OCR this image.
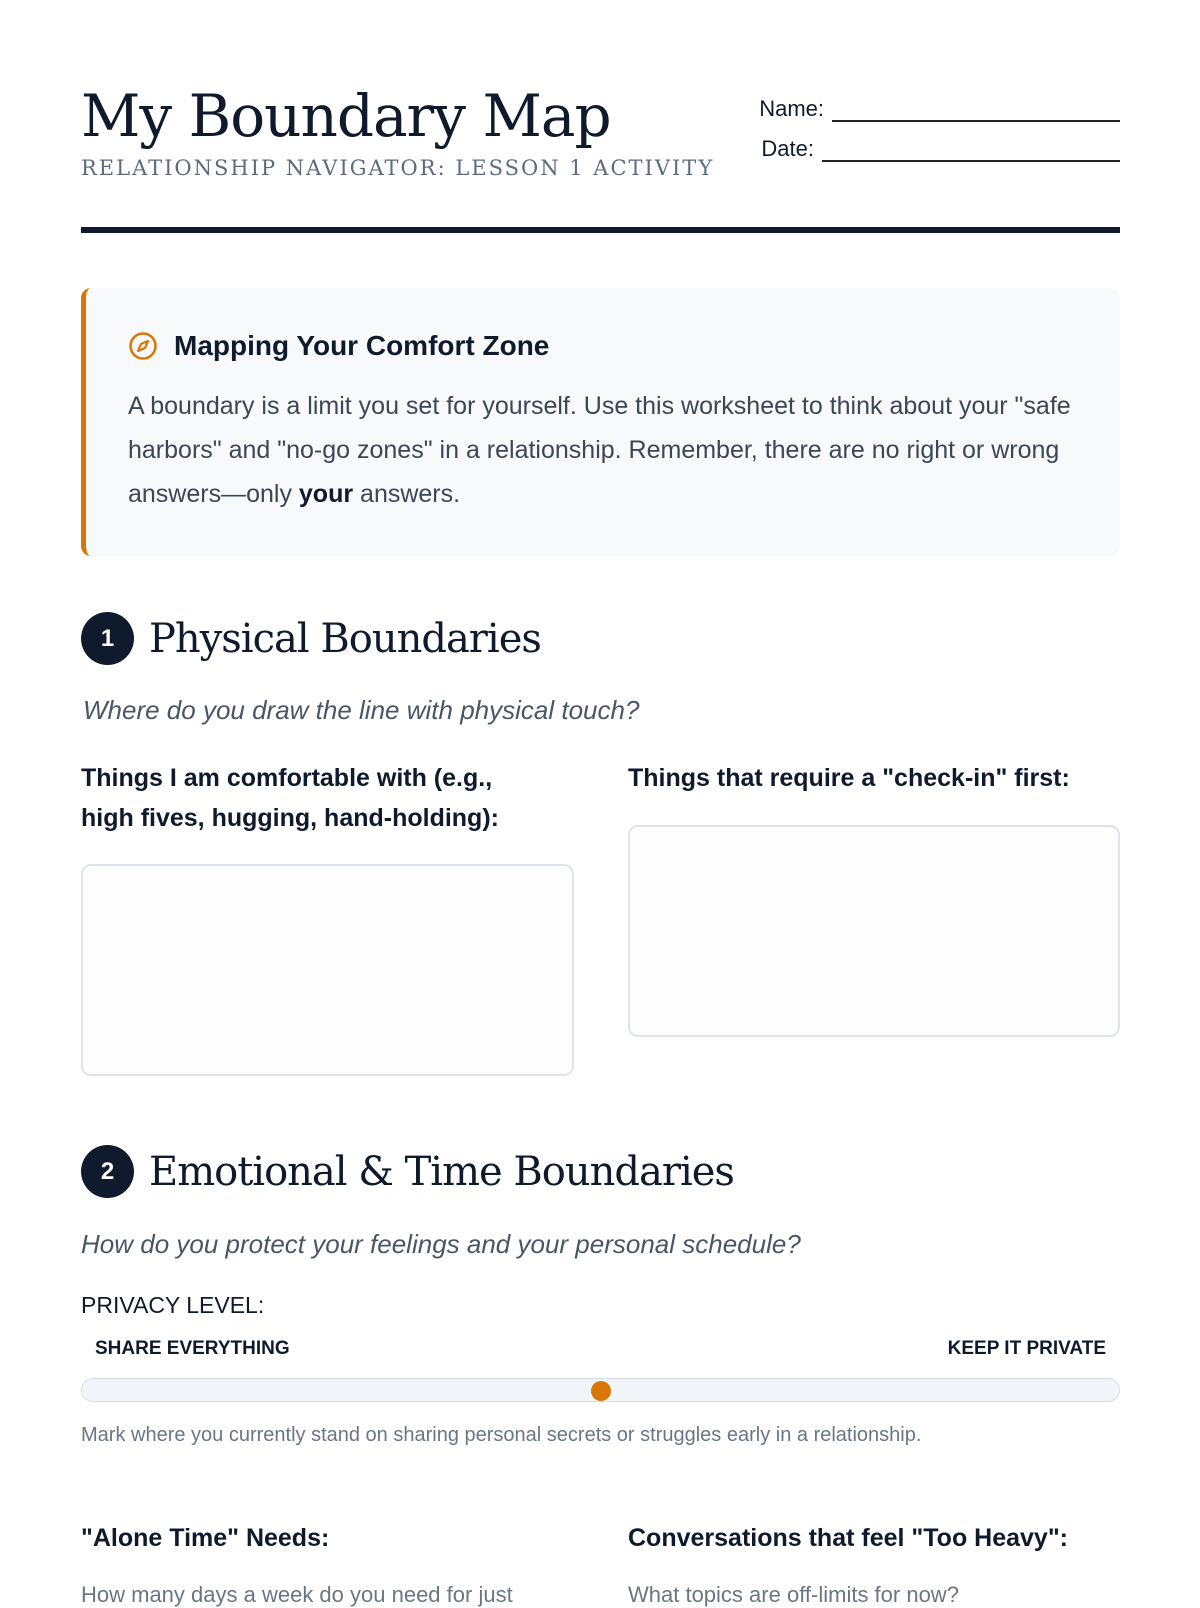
My Boundary Map
RELATIONSHIP NAVIGATOR: LESSON 1 ACTIVITY
Name:
Date:
Mapping Your Comfort Zone
A boundary is a limit you set for yourself. Use this worksheet to think about your "safe harbors" and "no-go zones" in a relationship. Remember, there are no right or wrong answers—only your answers.
1 Physical Boundaries
Where do you draw the line with physical touch?
Things I am comfortable with (e.g., high fives, hugging, hand-holding):
Things that require a "check-in" first:
2 Emotional & Time Boundaries
How do you protect your feelings and your personal schedule?
PRIVACY LEVEL:
SHARE EVERYTHING	KEEP IT PRIVATE
Mark where you currently stand on sharing personal secrets or struggles early in a relationship.
"Alone Time" Needs:	Conversations that feel "Too Heavy":
How many days a week do you need for just	What topics are off-limits for now?
